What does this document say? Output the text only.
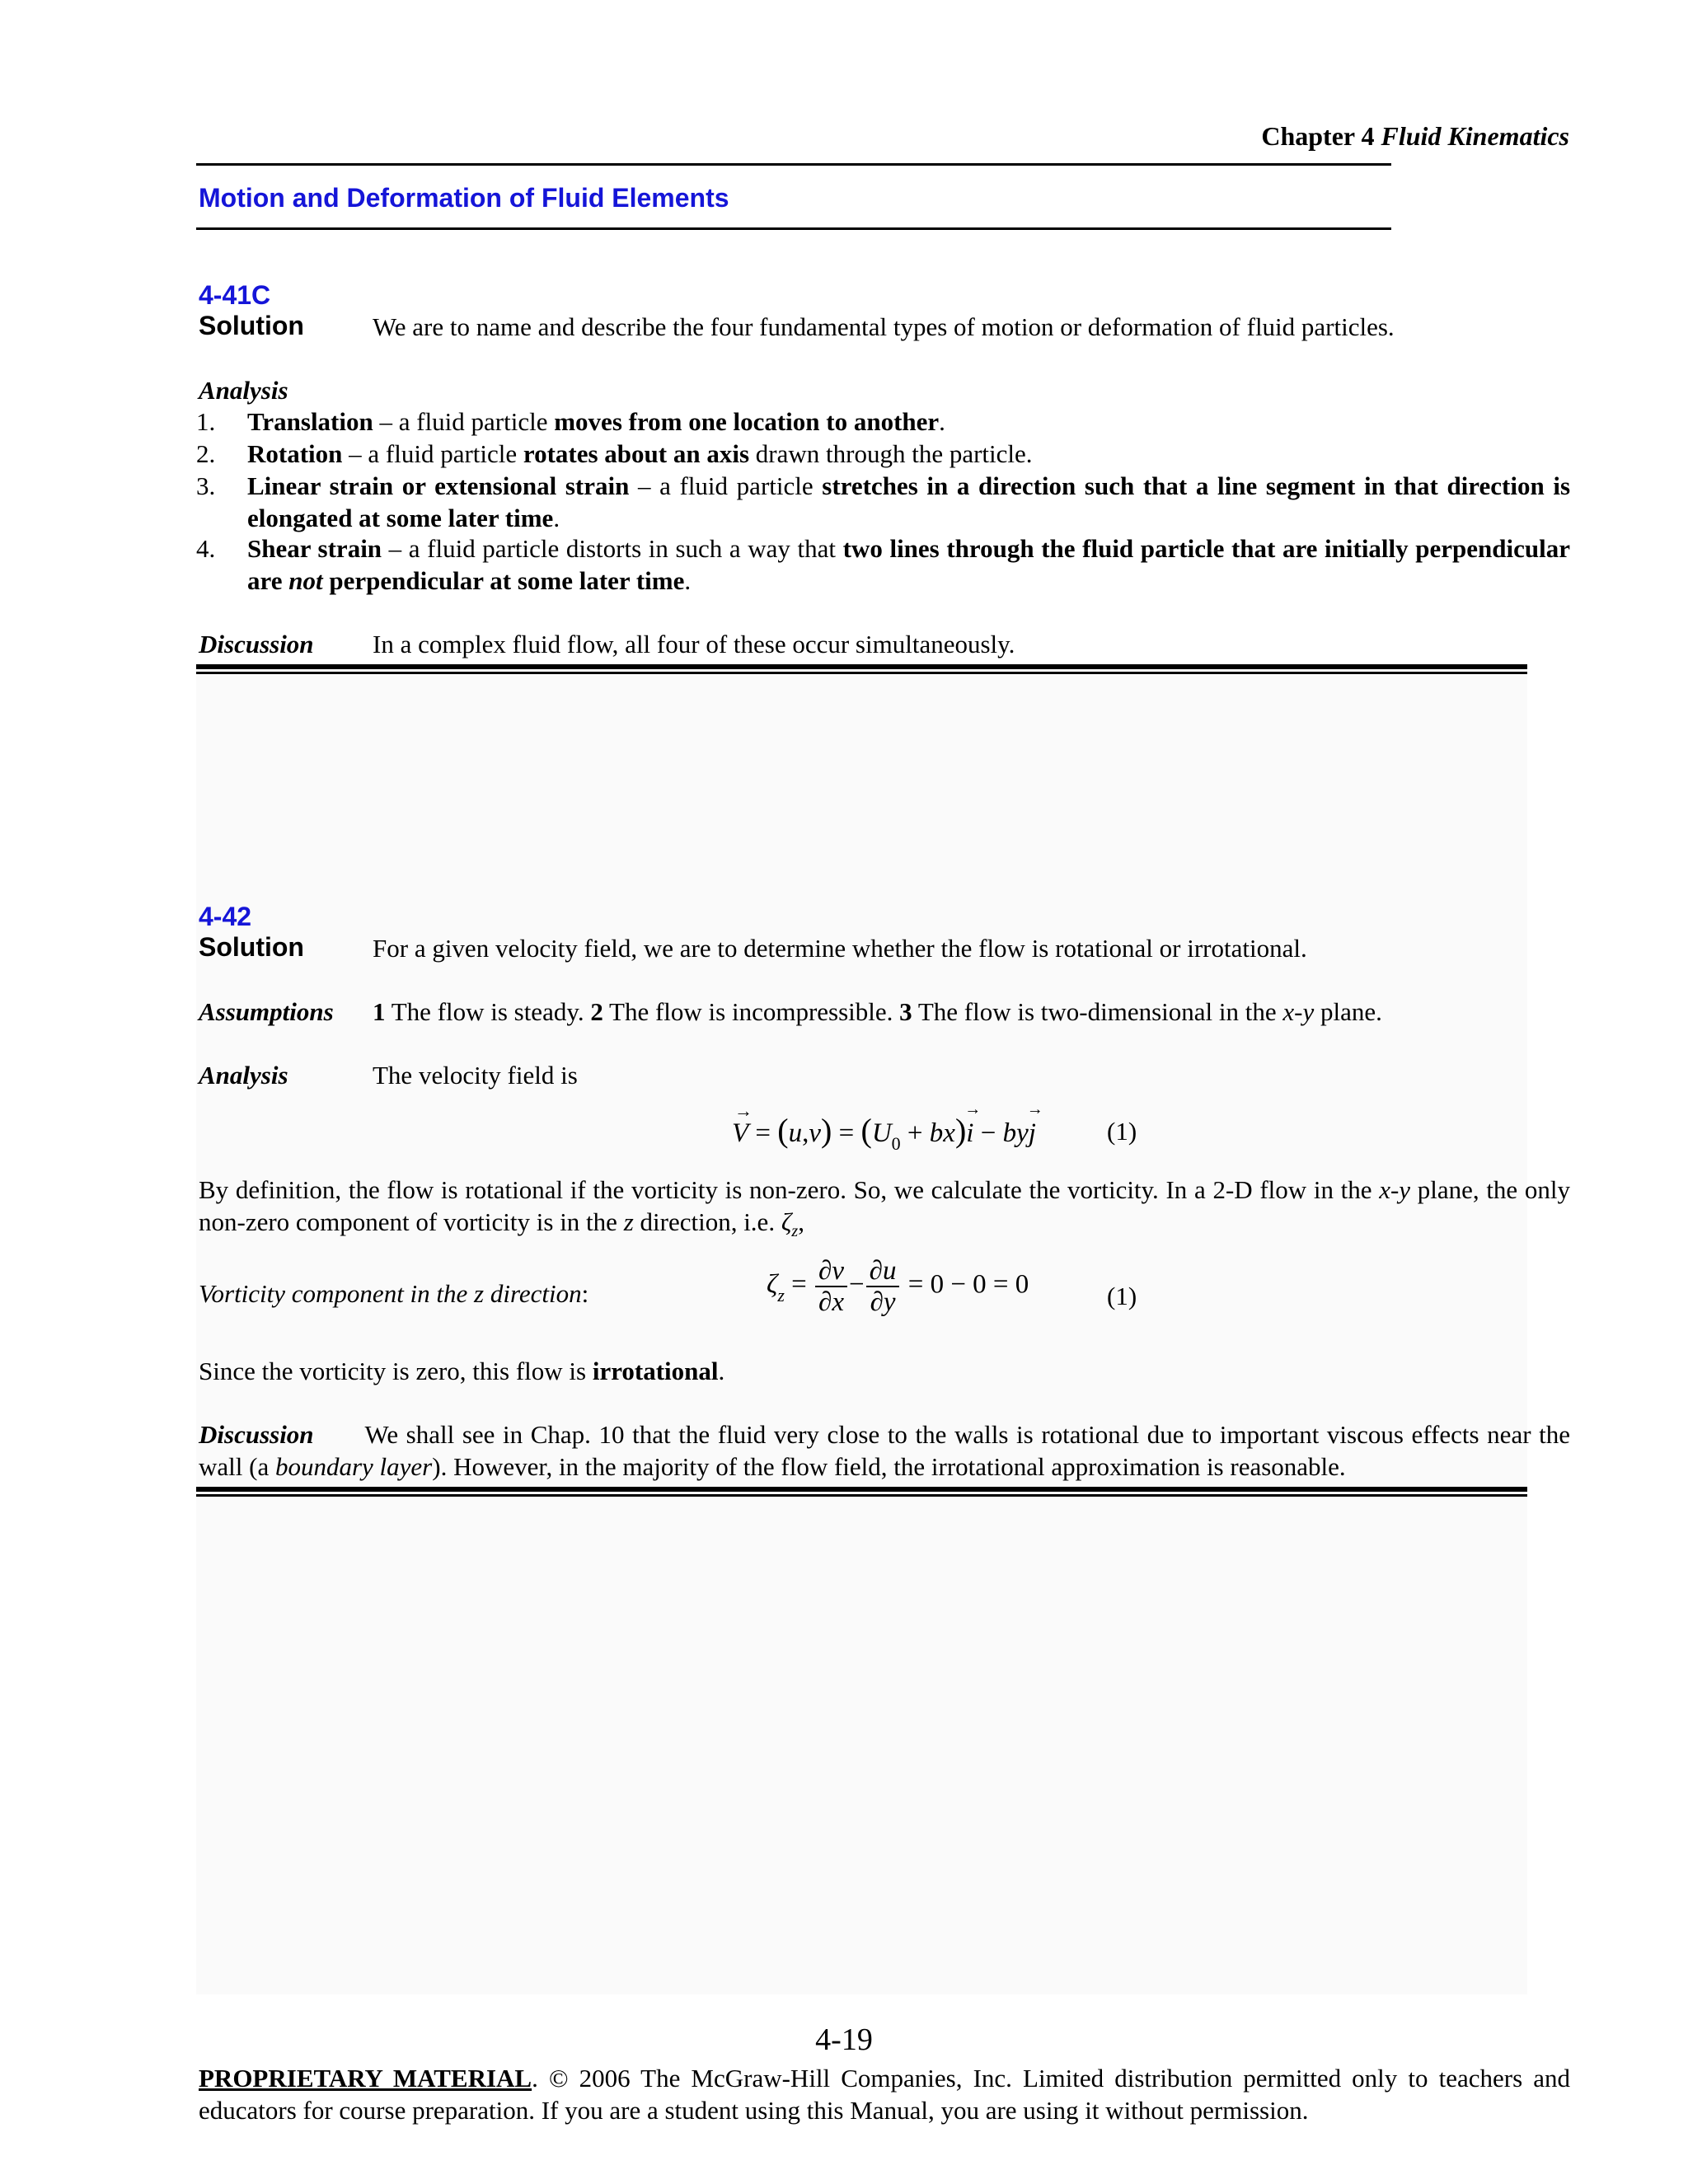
Chapter 4 Fluid Kinematics
Motion and Deformation of Fluid Elements
4-41C
Solution	We are to name and describe the four fundamental types of motion or deformation of fluid particles.
Analysis
1. Translation – a fluid particle moves from one location to another.
2. Rotation – a fluid particle rotates about an axis drawn through the particle.
3. Linear strain or extensional strain – a fluid particle stretches in a direction such that a line segment in that direction is elongated at some later time.
4. Shear strain – a fluid particle distorts in such a way that two lines through the fluid particle that are initially perpendicular are not perpendicular at some later time.
Discussion In a complex fluid flow, all four of these occur simultaneously.
4-42
Solution	For a given velocity field, we are to determine whether the flow is rotational or irrotational.
Assumptions 1 The flow is steady. 2 The flow is incompressible. 3 The flow is two-dimensional in the x-y plane.
Analysis	The velocity field is
V
→
= $(u,v) = (U_0 + bx)i$
→
− byj
→
(1)
By definition, the flow is rotational if the vorticity is non-zero. So, we calculate the vorticity. In a 2-D flow in the x-y plane, the only non-zero component of vorticity is in the z direction, i.e. $\zeta_z$,
Vorticity component in the z direction:	$\zeta_z = \frac{\partial v}{\partial x} - \frac{\partial u}{\partial y} = 0 - 0 = 0$	(1)
Since the vorticity is zero, this flow is irrotational.
Discussion We shall see in Chap. 10 that the fluid very close to the walls is rotational due to important viscous effects near the wall (a boundary layer). However, in the majority of the flow field, the irrotational approximation is reasonable.
4-19
PROPRIETARY MATERIAL. © 2006 The McGraw-Hill Companies, Inc. Limited distribution permitted only to teachers and educators for course preparation. If you are a student using this Manual, you are using it without permission.
